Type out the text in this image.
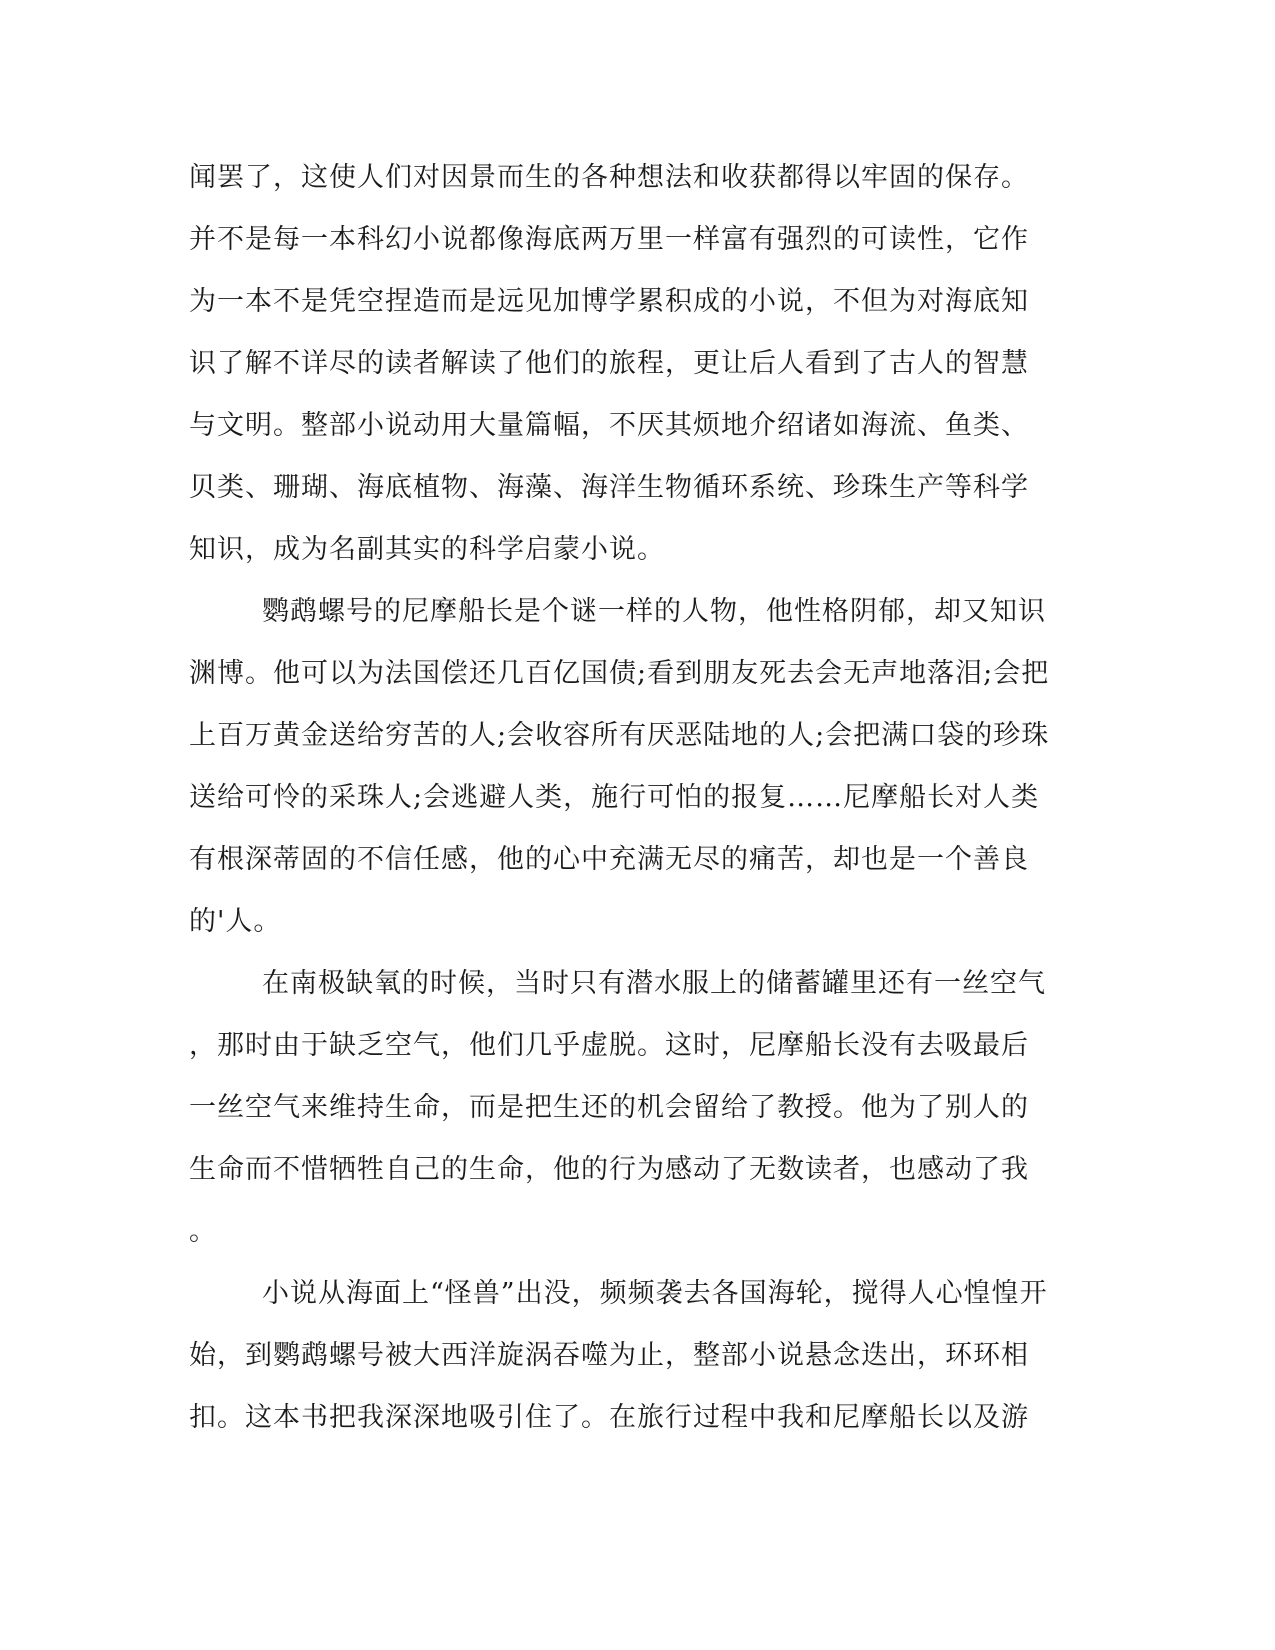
闻罢了，这使人们对因景而生的各种想法和收获都得以牢固的保存。
并不是每一本科幻小说都像海底两万里一样富有强烈的可读性，它作
为一本不是凭空捏造而是远见加博学累积成的小说，不但为对海底知
识了解不详尽的读者解读了他们的旅程，更让后人看到了古人的智慧
与文明。整部小说动用大量篇幅，不厌其烦地介绍诸如海流、鱼类、
贝类、珊瑚、海底植物、海藻、海洋生物循环系统、珍珠生产等科学
知识，成为名副其实的科学启蒙小说。
鹦鹉螺号的尼摩船长是个谜一样的人物，他性格阴郁，却又知识
渊博。他可以为法国偿还几百亿国债;看到朋友死去会无声地落泪;会把
上百万黄金送给穷苦的人;会收容所有厌恶陆地的人;会把满口袋的珍珠
送给可怜的采珠人;会逃避人类，施行可怕的报复……尼摩船长对人类
有根深蒂固的不信任感，他的心中充满无尽的痛苦，却也是一个善良
的'人。
在南极缺氧的时候，当时只有潜水服上的储蓄罐里还有一丝空气
，那时由于缺乏空气，他们几乎虚脱。这时，尼摩船长没有去吸最后
一丝空气来维持生命，而是把生还的机会留给了教授。他为了别人的
生命而不惜牺牲自己的生命，他的行为感动了无数读者，也感动了我
。
小说从海面上“怪兽”出没，频频袭去各国海轮，搅得人心惶惶开
始，到鹦鹉螺号被大西洋旋涡吞噬为止，整部小说悬念迭出，环环相
扣。这本书把我深深地吸引住了。在旅行过程中我和尼摩船长以及游
